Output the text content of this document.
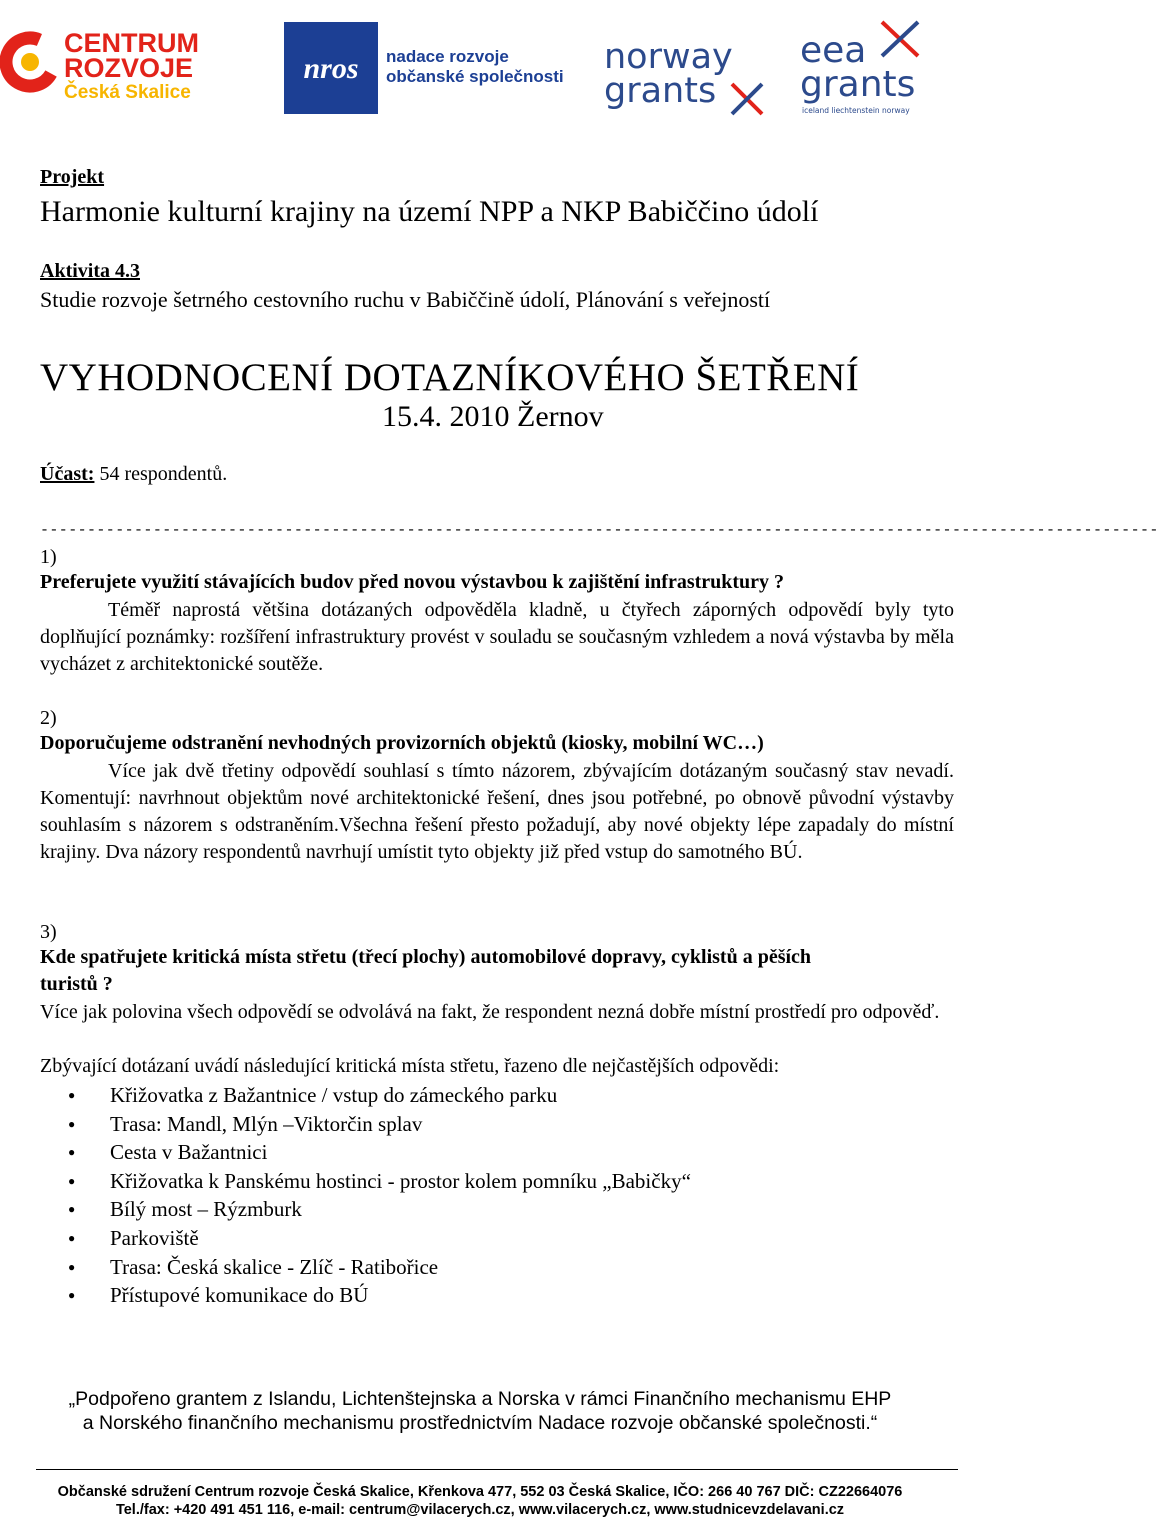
CENTRUM
ROZVOJE
Česká Skalice
nros nadace rozvoje
občanské společnosti norway
grants
eea
grants
iceland liechtenstein norway
Projekt
Harmonie kulturní krajiny na území NPP a NKP Babiččino údolí
Aktivita 4.3
Studie rozvoje šetrného cestovního ruchu v Babiččině údolí, Plánování s veřejností
VYHODNOCENÍ DOTAZNÍKOVÉHO ŠETŘENÍ
15.4. 2010 Žernov
Účast: 54 respondentů.
-----------------------------------------------------------------------------------------------------------------------
1)
Preferujete využití stávajících budov před novou výstavbou k zajištění infrastruktury ?
Téměř naprostá většina dotázaných odpověděla kladně, u čtyřech záporných odpovědí byly tyto doplňující poznámky: rozšíření infrastruktury provést v souladu se současným vzhledem a nová výstavba by měla vycházet z architektonické soutěže.
2)
Doporučujeme odstranění nevhodných provizorních objektů (kiosky, mobilní WC…)
Více jak dvě třetiny odpovědí souhlasí s tímto názorem, zbývajícím dotázaným současný stav nevadí. Komentují: navrhnout objektům nové architektonické řešení, dnes jsou potřebné, po obnově původní výstavby souhlasím s názorem s odstraněním.Všechna řešení přesto požadují, aby nové objekty lépe zapadaly do místní krajiny. Dva názory respondentů navrhují umístit tyto objekty již před vstup do samotného BÚ.
3)
Kde spatřujete kritická místa střetu (třecí plochy) automobilové dopravy, cyklistů a pěších
turistů ?
Více jak polovina všech odpovědí se odvolává na fakt, že respondent nezná dobře místní prostředí pro odpověď.
Zbývající dotázaní uvádí následující kritická místa střetu, řazeno dle nejčastějších odpovědi:
● Křižovatka z Bažantnice / vstup do zámeckého parku
● Trasa: Mandl, Mlýn –Viktorčin splav
● Cesta v Bažantnici
● Křižovatka k Panskému hostinci - prostor kolem pomníku „Babičky“
● Bílý most – Rýzmburk
● Parkoviště
● Trasa: Česká skalice - Zlíč - Ratibořice
● Přístupové komunikace do BÚ
„Podpořeno grantem z Islandu, Lichtenštejnska a Norska v rámci Finančního mechanismu EHP
a Norského finančního mechanismu prostřednictvím Nadace rozvoje občanské společnosti.“
Občanské sdružení Centrum rozvoje Česká Skalice, Křenkova 477, 552 03 Česká Skalice, IČO: 266 40 767 DIČ: CZ22664076
Tel./fax: +420 491 451 116, e-mail: centrum@vilacerych.cz, www.vilacerych.cz, www.studnicevzdelavani.cz
